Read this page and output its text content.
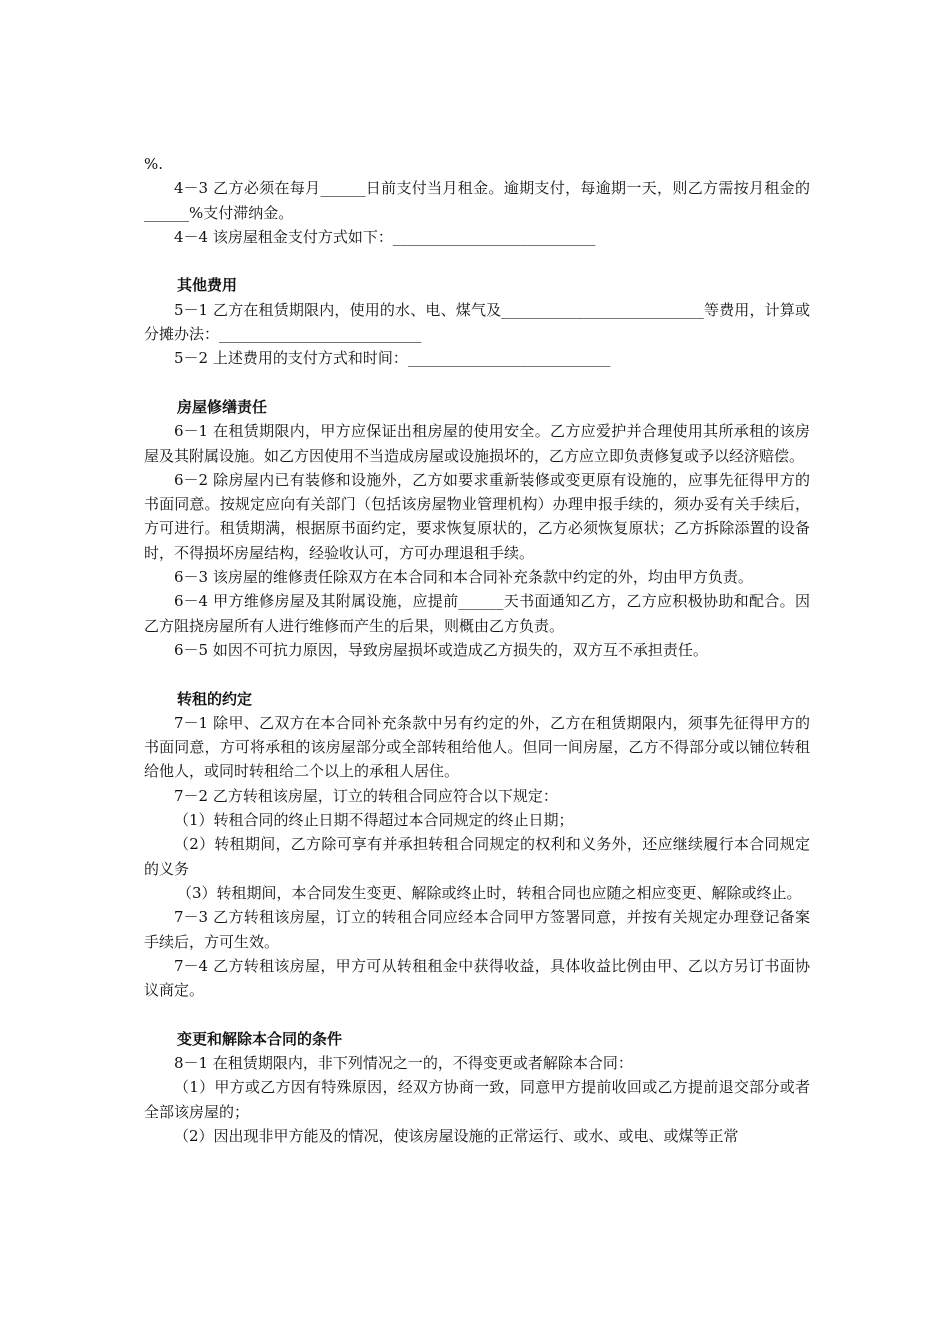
%.

4－3 乙方必须在每月______日前支付当月租金。逾期支付，每逾期一天，则乙方需按月租金的______%支付滞纳金。

4－4 该房屋租金支付方式如下：___________________________

其他费用

5－1 乙方在租赁期限内，使用的水、电、煤气及___________________________等费用，计算或分摊办法：___________________________

5－2 上述费用的支付方式和时间：___________________________

房屋修缮责任

6－1 在租赁期限内，甲方应保证出租房屋的使用安全。乙方应爱护并合理使用其所承租的该房屋及其附属设施。如乙方因使用不当造成房屋或设施损坏的，乙方应立即负责修复或予以经济赔偿。

6－2 除房屋内已有装修和设施外，乙方如要求重新装修或变更原有设施的，应事先征得甲方的书面同意。按规定应向有关部门（包括该房屋物业管理机构）办理申报手续的，须办妥有关手续后，方可进行。租赁期满，根据原书面约定，要求恢复原状的，乙方必须恢复原状；乙方拆除添置的设备时，不得损坏房屋结构，经验收认可，方可办理退租手续。

6－3 该房屋的维修责任除双方在本合同和本合同补充条款中约定的外，均由甲方负责。

6－4 甲方维修房屋及其附属设施，应提前______天书面通知乙方，乙方应积极协助和配合。因乙方阻挠房屋所有人进行维修而产生的后果，则概由乙方负责。

6－5 如因不可抗力原因，导致房屋损坏或造成乙方损失的，双方互不承担责任。

转租的约定

7－1 除甲、乙双方在本合同补充条款中另有约定的外，乙方在租赁期限内，须事先征得甲方的书面同意，方可将承租的该房屋部分或全部转租给他人。但同一间房屋，乙方不得部分或以铺位转租给他人，或同时转租给二个以上的承租人居住。

7－2 乙方转租该房屋，订立的转租合同应符合以下规定：

（1）转租合同的终止日期不得超过本合同规定的终止日期；

（2）转租期间，乙方除可享有并承担转租合同规定的权利和义务外，还应继续履行本合同规定的义务

（3）转租期间，本合同发生变更、解除或终止时，转租合同也应随之相应变更、解除或终止。

7－3 乙方转租该房屋，订立的转租合同应经本合同甲方签署同意，并按有关规定办理登记备案手续后，方可生效。

7－4 乙方转租该房屋，甲方可从转租租金中获得收益，具体收益比例由甲、乙以方另订书面协议商定。

变更和解除本合同的条件

8－1 在租赁期限内，非下列情况之一的，不得变更或者解除本合同：

（1）甲方或乙方因有特殊原因，经双方协商一致，同意甲方提前收回或乙方提前退交部分或者全部该房屋的；

（2）因出现非甲方能及的情况，使该房屋设施的正常运行、或水、或电、或煤等正常
